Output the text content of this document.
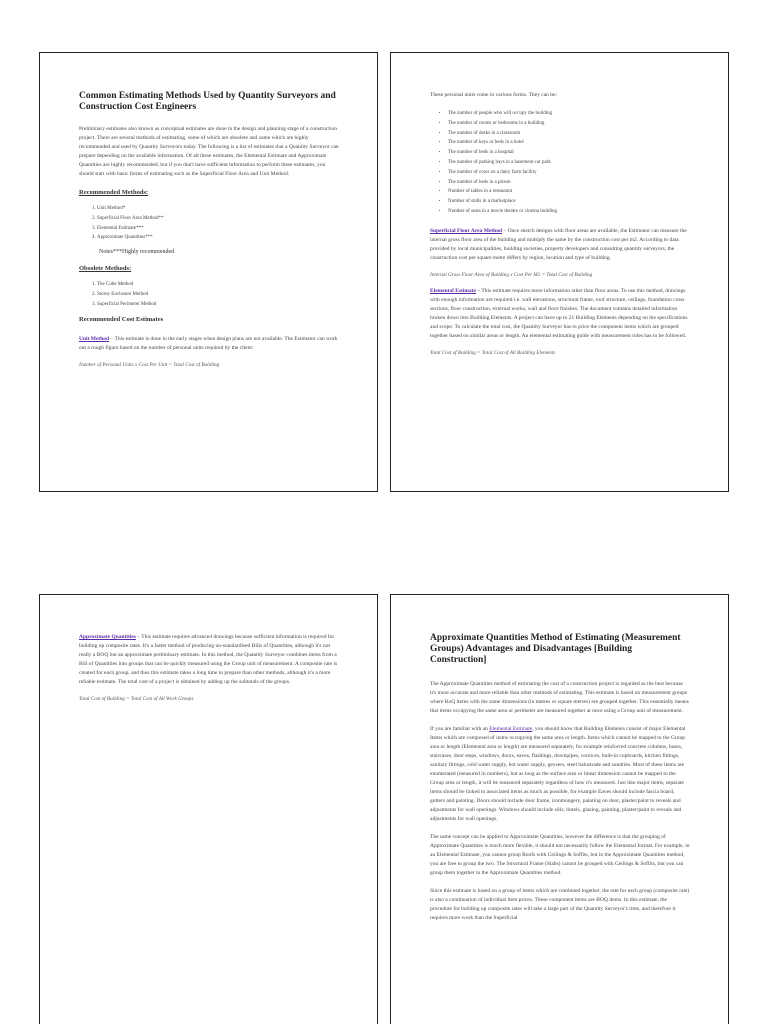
Common Estimating Methods Used by Quantity Surveyors and Construction Cost Engineers

Preliminary estimates also known as conceptual estimates are done in the design and planning stage of a construction project. There are several methods of estimating, some of which are obsolete and some which are highly recommended and used by Quantity Surveyors today. The following is a list of estimates that a Quantity Surveyor can prepare depending on the available information. Of all these estimates, the Elemental Estimate and Approximate Quantities are highly recommended, but if you don't have sufficient information to perform these estimates, you should start with basic forms of estimating such as the Superficial Floor Area and Unit Method.

Recommended Methods:
1. Unit Method*
2. Superficial Floor Area Method**
3. Elemental Estimate***
4. Approximate Quantities***
Notes***Highly recommended
Obsolete Methods:
1. The Cube Method
2. Storey Enclosure Method
3. Superficial Perimeter Method
Recommended Cost Estimates

Unit Method – This estimate is done in the early stages when design plans are not available. The Estimator can work out a rough figure based on the number of personal units required by the client:

Number of Personal Units x Cost Per Unit = Total Cost of Building

These personal units come in various forms. They can be:

• The number of people who will occupy the building
• The number of rooms or bedrooms in a building
• The number of desks in a classroom
• The number of keys or beds in a hotel
• The number of beds in a hospital
• The number of parking bays in a basement car park
• The number of cows on a dairy farm facility
• The number of beds in a prison
• Number of tables in a restaurant
• Number of stalls in a marketplace
• Number of seats in a movie theatre or cinema building

Superficial Floor Area Method – Once sketch designs with floor areas are available, the Estimator can measure the internal gross floor area of the building and multiply the same by the construction cost per m2. According to data provided by local municipalities, building societies, property developers and consulting quantity surveyors, the construction cost per square metre differs by region, location and type of building.

Internal Gross Floor Area of Building x Cost Per M2 = Total Cost of Building

Elemental Estimate – This estimate requires more information other than floor areas. To use this method, drawings with enough information are required i.e. wall elevations, structural frame, roof structure, ceilings, foundation cross sections, floor construction, external works, wall and floor finishes. The document contains detailed information broken down into Building Elements. A project can have up to 21 Building Elements depending on the specifications and scope. To calculate the total cost, the Quantity Surveyor has to price the component items which are grouped together based on similar areas or length. An elemental estimating guide with measurement rules has to be followed.

Total Cost of Building = Total Cost of All Building Elements

Approximate Quantities – This estimate requires advanced drawings because sufficient information is required for building up composite rates. It's a faster method of producing un-standardised Bills of Quantities, although it's not really a BOQ but an approximate preliminary estimate. In this method, the Quantity Surveyor combines items from a Bill of Quantities into groups that can be quickly measured using the Group unit of measurement. A composite rate is created for each group, and thus this estimate takes a long time to prepare than other methods, although it's a more reliable estimate. The total cost of a project is obtained by adding up the subtotals of the groups.

Total Cost of Building = Total Cost of All Work Groups
Approximate Quantities Method of Estimating (Measurement Groups) Advantages and Disadvantages [Building Construction]

The Approximate Quantities method of estimating the cost of a construction project is regarded as the best because it's more accurate and more reliable than other methods of estimating. This estimate is based on measurement groups where BoQ items with the same dimensions (in metres or square metres) are grouped together. This essentially means that items occupying the same area or perimeter are measured together at once using a Group unit of measurement.

If you are familiar with an Elemental Estimate, you should know that Building Elements consist of major Elemental Items which are composed of items occupying the same area or length. Items which cannot be mapped to the Group area or length (Elemental area or length) are measured separately, for example reinforced concrete columns, bases, staircases, door steps, windows, doors, eaves, flashings, downpipes, cornices, built-in cupboards, kitchen fittings, sanitary fittings, cold water supply, hot water supply, geysers, steel balustrade and sundries. Most of these items are enumerated (measured in numbers), but as long as the surface area or linear dimension cannot be mapped to the Group area or length, it will be measured separately regardless of how it's measured. Just like major items, separate items should be linked to associated items as much as possible, for example Eaves should include fascia board, gutters and painting. Doors should include door frame, ironmongery, painting on door, plaster/paint to reveals and adjustments for wall openings. Windows should include sills, lintels, glazing, painting, plaster/paint to reveals and adjustments for wall openings.

The same concept can be applied to Approximate Quantities, however the difference is that the grouping of Approximate Quantities is much more flexible, it should not necessarily follow the Elemental format. For example, in an Elemental Estimate, you cannot group Roofs with Ceilings & Soffits, but in the Approximate Quantities method, you are free to group the two. The Structural Frame (Slabs) cannot be grouped with Ceilings & Soffits, but you can group them together in the Approximate Quantities method.

Since this estimate is based on a group of items which are combined together, the rate for each group (composite rate) is also a combination of individual item prices. These component items are BOQ items. In this estimate, the procedure for building up composite rates will take a large part of the Quantity Surveyor's time, and therefore it requires more work than the Superficial
